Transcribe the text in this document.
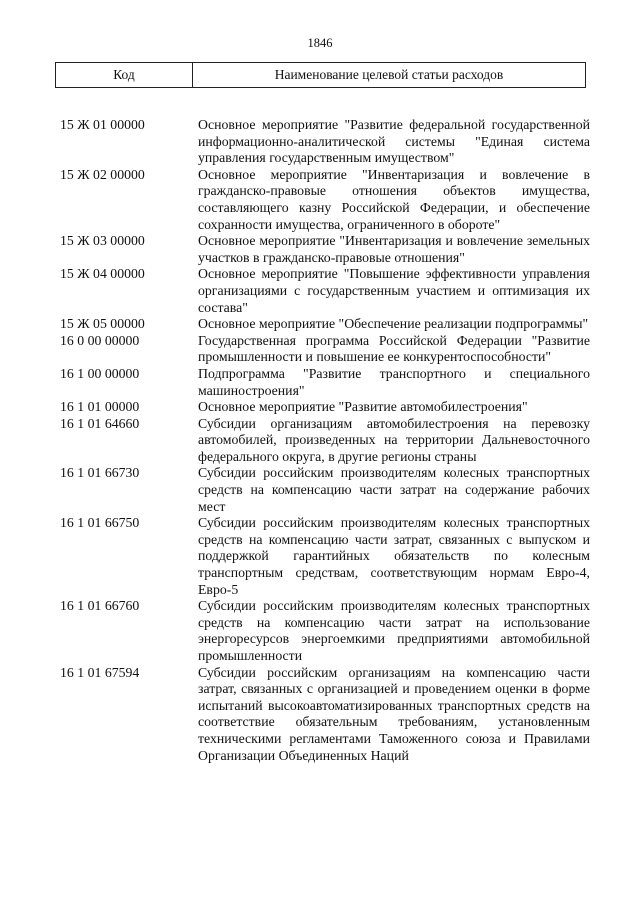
1846
Код	Наименование целевой статьи расходов
15 Ж 01 00000	Основное мероприятие "Развитие федеральной государственной информационно-аналитической системы "Единая система управления государственным имуществом"
15 Ж 02 00000	Основное мероприятие "Инвентаризация и вовлечение в гражданско-правовые отношения объектов имущества, составляющего казну Российской Федерации, и обеспечение сохранности имущества, ограниченного в обороте"
15 Ж 03 00000	Основное мероприятие "Инвентаризация и вовлечение земельных участков в гражданско-правовые отношения"
15 Ж 04 00000	Основное мероприятие "Повышение эффективности управления организациями с государственным участием и оптимизация их состава"
15 Ж 05 00000	Основное мероприятие "Обеспечение реализации подпрограммы"
16 0 00 00000	Государственная программа Российской Федерации "Развитие промышленности и повышение ее конкурентоспособности"
16 1 00 00000	Подпрограмма "Развитие транспортного и специального машиностроения"
16 1 01 00000	Основное мероприятие "Развитие автомобилестроения"
16 1 01 64660	Субсидии организациям автомобилестроения на перевозку автомобилей, произведенных на территории Дальневосточного федерального округа, в другие регионы страны
16 1 01 66730	Субсидии российским производителям колесных транспортных средств на компенсацию части затрат на содержание рабочих мест
16 1 01 66750	Субсидии российским производителям колесных транспортных средств на компенсацию части затрат, связанных с выпуском и поддержкой гарантийных обязательств по колесным транспортным средствам, соответствующим нормам Евро-4, Евро-5
16 1 01 66760	Субсидии российским производителям колесных транспортных средств на компенсацию части затрат на использование энергоресурсов энергоемкими предприятиями автомобильной промышленности
16 1 01 67594	Субсидии российским организациям на компенсацию части затрат, связанных с организацией и проведением оценки в форме испытаний высокоавтоматизированных транспортных средств на соответствие обязательным требованиям, установленным техническими регламентами Таможенного союза и Правилами Организации Объединенных Наций
